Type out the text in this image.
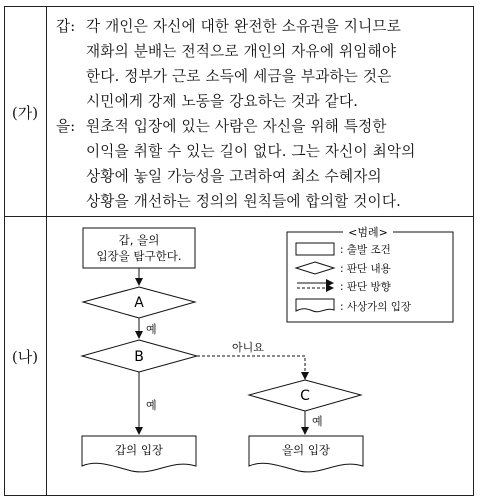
(가)
(나)
갑: 각 개인은 자신에 대한 완전한 소유권을 지니므로
재화의 분배는 전적으로 개인의 자유에 위임해야
한다. 정부가 근로 소득에 세금을 부과하는 것은
시민에게 강제 노동을 강요하는 것과 같다.
을: 원초적 입장에 있는 사람은 자신을 위해 특정한
이익을 취할 수 있는 길이 없다. 그는 자신이 최악의
상황에 놓일 가능성을 고려하여 최소 수혜자의
상황을 개선하는 정의의 원칙들에 합의할 것이다.
갑, 을의
입장을 탐구한다.
A
예
B
예
아니요
C
예
갑의 입장	을의 입장
<범례>
: 출발 조건
: 판단 내용
: 판단 방향
: 사상가의 입장
